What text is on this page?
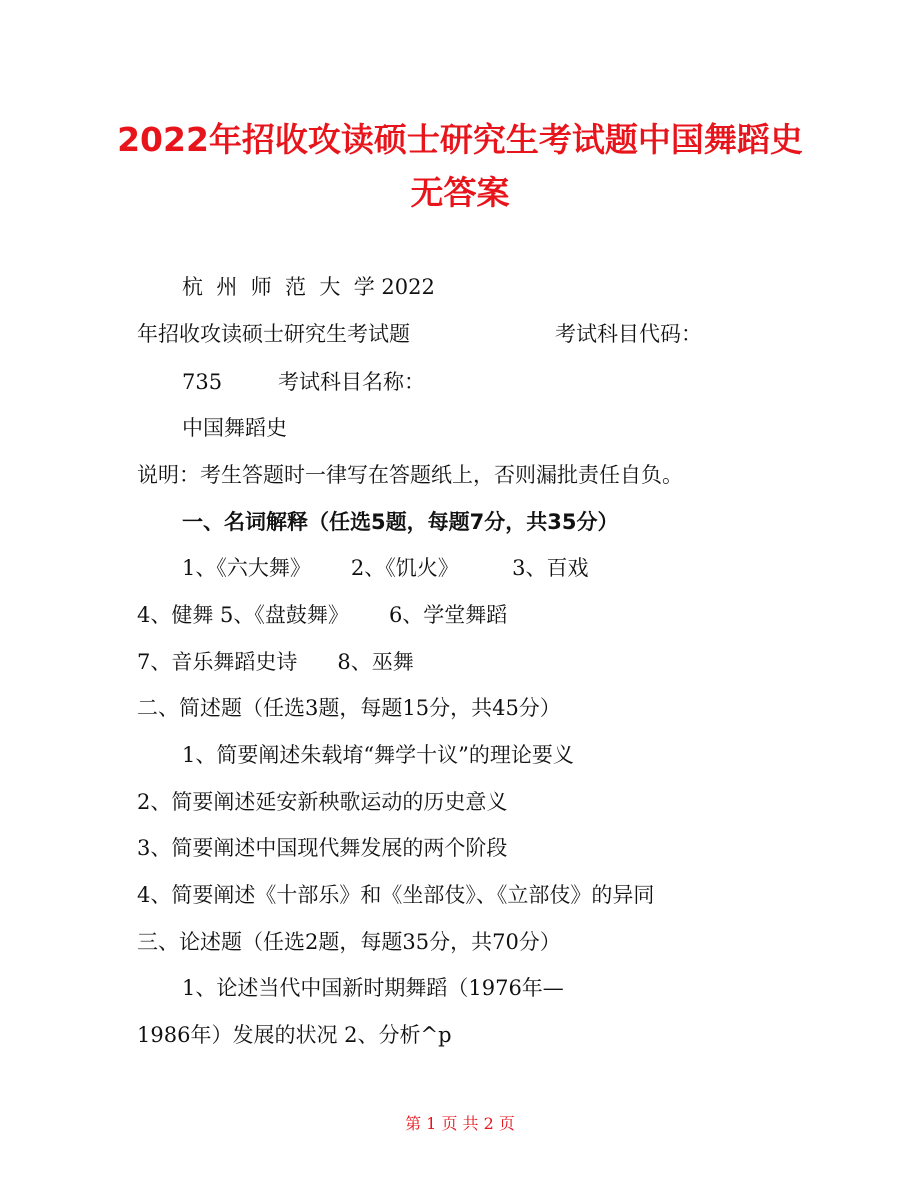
2022年招收攻读硕士研究生考试题中国舞蹈史
无答案
杭  州  师  范  大  学 2022
年招收攻读硕士研究生考试题	考试科目代码：
735	考试科目名称：
中国舞蹈史
说明：考生答题时一律写在答题纸上，否则漏批责任自负。
一、名词解释（任选5题，每题7分，共35分）
1、《六大舞》      2、《饥火》        3、百戏
4、健舞 5、《盘鼓舞》      6、学堂舞蹈
7、音乐舞蹈史诗      8、巫舞
二、简述题（任选3题，每题15分，共45分）
1、简要阐述朱载堉“舞学十议”的理论要义
2、简要阐述延安新秧歌运动的历史意义
3、简要阐述中国现代舞发展的两个阶段
4、简要阐述《十部乐》和《坐部伎》、《立部伎》的异同
三、论述题（任选2题，每题35分，共70分）
1、论述当代中国新时期舞蹈（1976年—
1986年）发展的状况 2、分析^p
第 1 页 共 2 页
